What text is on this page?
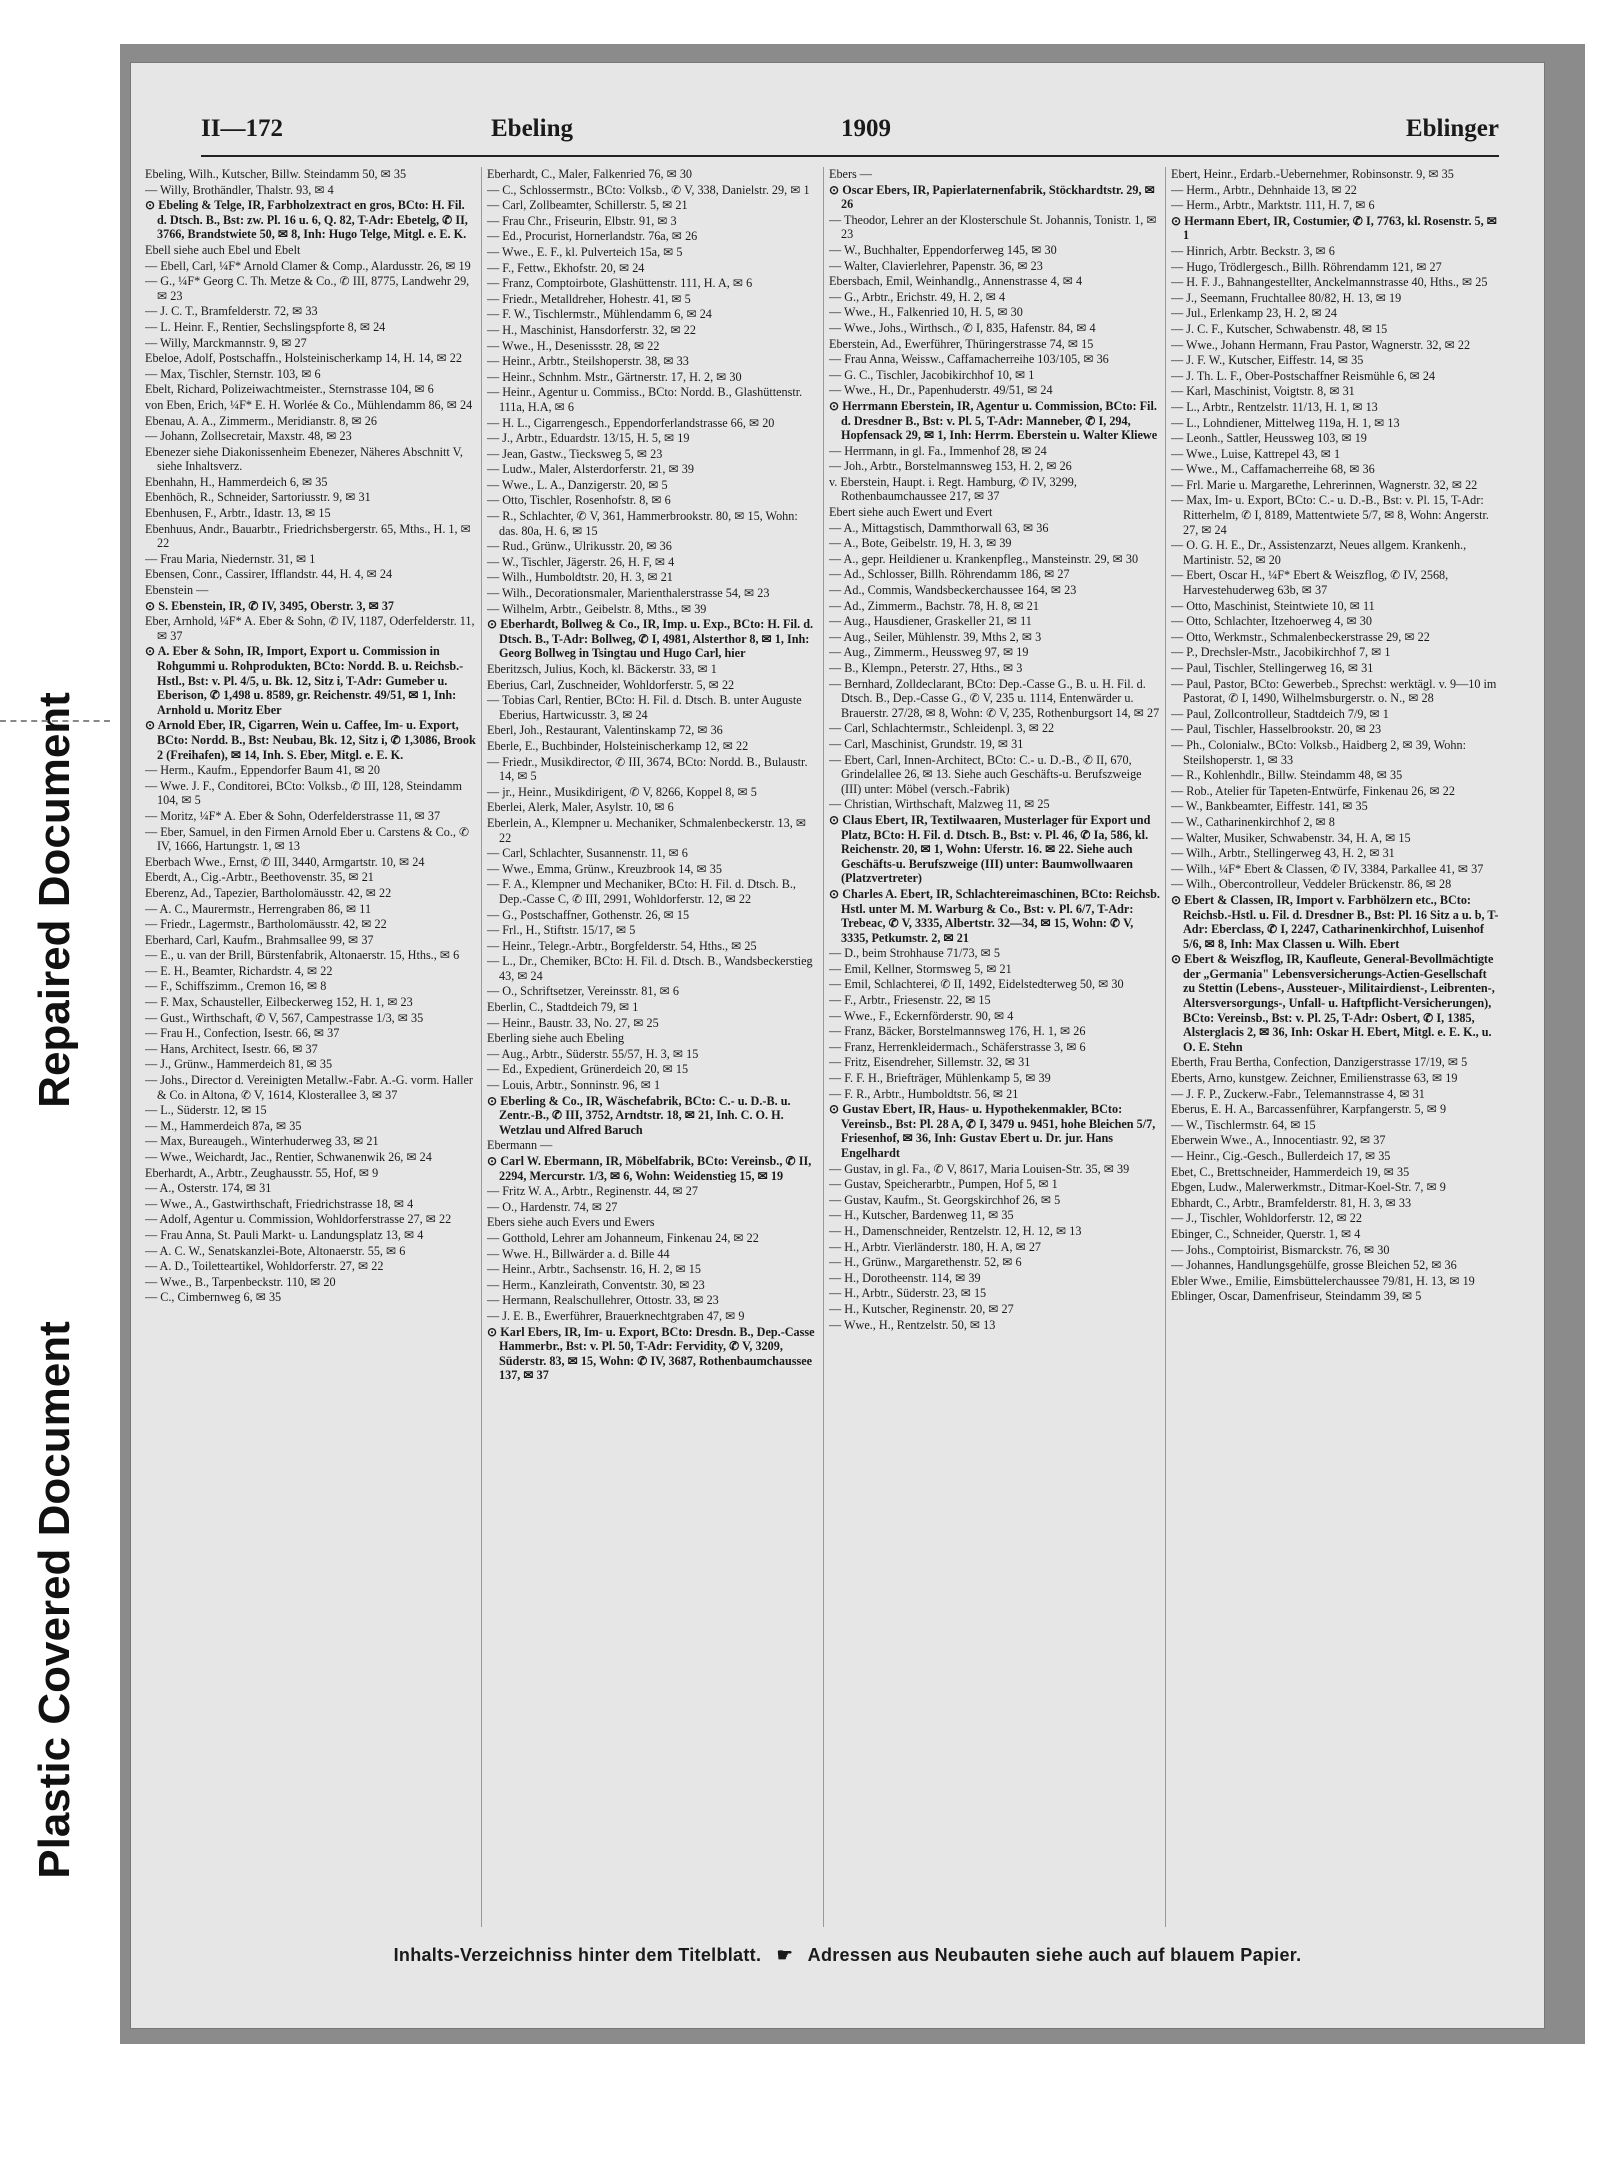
Repaired Document
Plastic Covered Document
II—172	Ebeling	1909	Eblinger
Ebeling, Wilh., Kutscher, Billw. Steindamm 50, ✉ 35
— Willy, Brothändler, Thalstr. 93, ✉ 4
⊙ Ebeling & Telge, IR, Farbholzextract en gros, BCto: H. Fil. d. Dtsch. B., Bst: zw. Pl. 16 u. 6, Q. 82, T-Adr: Ebetelg, ✆ II, 3766, Brandstwiete 50, ✉ 8, Inh: Hugo Telge, Mitgl. e. E. K.
Ebell siehe auch Ebel und Ebelt
— Ebell, Carl, ¼F* Arnold Clamer & Comp., Alardusstr. 26, ✉ 19
— G., ¼F* Georg C. Th. Metze & Co., ✆ III, 8775, Landwehr 29, ✉ 23
— J. C. T., Bramfelderstr. 72, ✉ 33
— L. Heinr. F., Rentier, Sechslingspforte 8, ✉ 24
— Willy, Marckmannstr. 9, ✉ 27
Ebeloe, Adolf, Postschaffn., Holsteinischerkamp 14, H. 14, ✉ 22
— Max, Tischler, Sternstr. 103, ✉ 6
Ebelt, Richard, Polizeiwachtmeister., Sternstrasse 104, ✉ 6
von Eben, Erich, ¼F* E. H. Worlée & Co., Mühlendamm 86, ✉ 24
Ebenau, A. A., Zimmerm., Meridianstr. 8, ✉ 26
— Johann, Zollsecretair, Maxstr. 48, ✉ 23
Ebenezer siehe Diakonissenheim Ebenezer, Näheres Abschnitt V, siehe Inhaltsverz.
Ebenhahn, H., Hammerdeich 6, ✉ 35
Ebenhöch, R., Schneider, Sartoriusstr. 9, ✉ 31
Ebenhusen, F., Arbtr., Idastr. 13, ✉ 15
Ebenhuus, Andr., Bauarbtr., Friedrichsbergerstr. 65, Mths., H. 1, ✉ 22
— Frau Maria, Niedernstr. 31, ✉ 1
Ebensen, Conr., Cassirer, Ifflandstr. 44, H. 4, ✉ 24
Ebenstein —
⊙ S. Ebenstein, IR, ✆ IV, 3495, Oberstr. 3, ✉ 37
Eber, Arnhold, ¼F* A. Eber & Sohn, ✆ IV, 1187, Oderfelderstr. 11, ✉ 37
⊙ A. Eber & Sohn, IR, Import, Export u. Commission in Rohgummi u. Rohprodukten, BCto: Nordd. B. u. Reichsb.-Hstl., Bst: v. Pl. 4/5, u. Bk. 12, Sitz i, T-Adr: Gumeber u. Eberison, ✆ 1,498 u. 8589, gr. Reichenstr. 49/51, ✉ 1, Inh: Arnhold u. Moritz Eber
⊙ Arnold Eber, IR, Cigarren, Wein u. Caffee, Im- u. Export, BCto: Nordd. B., Bst: Neubau, Bk. 12, Sitz i, ✆ 1,3086, Brook 2 (Freihafen), ✉ 14, Inh. S. Eber, Mitgl. e. E. K.
— Herm., Kaufm., Eppendorfer Baum 41, ✉ 20
— Wwe. J. F., Conditorei, BCto: Volksb., ✆ III, 128, Steindamm 104, ✉ 5
— Moritz, ¼F* A. Eber & Sohn, Oderfelderstrasse 11, ✉ 37
— Eber, Samuel, in den Firmen Arnold Eber u. Carstens & Co., ✆ IV, 1666, Hartungstr. 1, ✉ 13
Eberbach Wwe., Ernst, ✆ III, 3440, Armgartstr. 10, ✉ 24
Eberdt, A., Cig.-Arbtr., Beethovenstr. 35, ✉ 21
Eberenz, Ad., Tapezier, Bartholomäusstr. 42, ✉ 22
— A. C., Maurermstr., Herrengraben 86, ✉ 11
— Friedr., Lagermstr., Bartholomäusstr. 42, ✉ 22
Eberhard, Carl, Kaufm., Brahmsallee 99, ✉ 37
— E., u. van der Brill, Bürstenfabrik, Altonaerstr. 15, Hths., ✉ 6
— E. H., Beamter, Richardstr. 4, ✉ 22
— F., Schiffszimm., Cremon 16, ✉ 8
— F. Max, Schausteller, Eilbeckerweg 152, H. 1, ✉ 23
— Gust., Wirthschaft, ✆ V, 567, Campestrasse 1/3, ✉ 35
— Frau H., Confection, Isestr. 66, ✉ 37
— Hans, Architect, Isestr. 66, ✉ 37
— J., Grünw., Hammerdeich 81, ✉ 35
— Johs., Director d. Vereinigten Metallw.-Fabr. A.-G. vorm. Haller & Co. in Altona, ✆ V, 1614, Klosterallee 3, ✉ 37
— L., Süderstr. 12, ✉ 15
— M., Hammerdeich 87a, ✉ 35
— Max, Bureaugeh., Winterhuderweg 33, ✉ 21
— Wwe., Weichardt, Jac., Rentier, Schwanenwik 26, ✉ 24
Eberhardt, A., Arbtr., Zeughausstr. 55, Hof, ✉ 9
— A., Osterstr. 174, ✉ 31
— Wwe., A., Gastwirthschaft, Friedrichstrasse 18, ✉ 4
— Adolf, Agentur u. Commission, Wohldorferstrasse 27, ✉ 22
— Frau Anna, St. Pauli Markt- u. Landungsplatz 13, ✉ 4
— A. C. W., Senatskanzlei-Bote, Altonaerstr. 55, ✉ 6
— A. D., Toilettеartikel, Wohldorferstr. 27, ✉ 22
— Wwe., B., Tarpenbeckstr. 110, ✉ 20
— C., Cimbernweg 6, ✉ 35
Eberhardt, C., Maler, Falkenried 76, ✉ 30
— C., Schlossermstr., BCto: Volksb., ✆ V, 338, Danielstr. 29, ✉ 1
— Carl, Zollbeamter, Schillerstr. 5, ✉ 21
— Frau Chr., Friseurin, Elbstr. 91, ✉ 3
— Ed., Procurist, Hornerlandstr. 76a, ✉ 26
— Wwe., E. F., kl. Pulverteich 15a, ✉ 5
— F., Fettw., Ekhofstr. 20, ✉ 24
— Franz, Comptoirbote, Glashüttenstr. 111, H. A, ✉ 6
— Friedr., Metalldreher, Hohestr. 41, ✉ 5
— F. W., Tischlermstr., Mühlendamm 6, ✉ 24
— H., Maschinist, Hansdorferstr. 32, ✉ 22
— Wwe., H., Desenissstr. 28, ✉ 22
— Heinr., Arbtr., Steilshoperstr. 38, ✉ 33
— Heinr., Schnhm. Mstr., Gärtnerstr. 17, H. 2, ✉ 30
— Heinr., Agentur u. Commiss., BCto: Nordd. B., Glashüttenstr. 111a, H.A, ✉ 6
— H. L., Cigarrengesch., Eppendorferlandstrasse 66, ✉ 20
— J., Arbtr., Eduardstr. 13/15, H. 5, ✉ 19
— Jean, Gastw., Tiecksweg 5, ✉ 23
— Ludw., Maler, Alsterdorferstr. 21, ✉ 39
— Wwe., L. A., Danzigerstr. 20, ✉ 5
— Otto, Tischler, Rosenhofstr. 8, ✉ 6
— R., Schlachter, ✆ V, 361, Hammerbrookstr. 80, ✉ 15, Wohn: das. 80a, H. 6, ✉ 15
— Rud., Grünw., Ulrikusstr. 20, ✉ 36
— W., Tischler, Jägerstr. 26, H. F, ✉ 4
— Wilh., Humboldtstr. 20, H. 3, ✉ 21
— Wilh., Decorationsmaler, Marienthalerstrasse 54, ✉ 23
— Wilhelm, Arbtr., Geibelstr. 8, Mths., ✉ 39
⊙ Eberhardt, Bollweg & Co., IR, Imp. u. Exp., BCto: H. Fil. d. Dtsch. B., T-Adr: Bollweg, ✆ I, 4981, Alsterthor 8, ✉ 1, Inh: Georg Bollweg in Tsingtau und Hugo Carl, hier
Eberitzsch, Julius, Koch, kl. Bäckerstr. 33, ✉ 1
Eberius, Carl, Zuschneider, Wohldorferstr. 5, ✉ 22
— Tobias Carl, Rentier, BCto: H. Fil. d. Dtsch. B. unter Auguste Eberius, Hartwicusstr. 3, ✉ 24
Eberl, Joh., Restaurant, Valentinskamp 72, ✉ 36
Eberle, E., Buchbinder, Holsteinischerkamp 12, ✉ 22
— Friedr., Musikdirector, ✆ III, 3674, BCto: Nordd. B., Bulaustr. 14, ✉ 5
— jr., Heinr., Musikdirigent, ✆ V, 8266, Koppel 8, ✉ 5
Eberlei, Alerk, Maler, Asylstr. 10, ✉ 6
Eberlein, A., Klempner u. Mechaniker, Schmalenbeckerstr. 13, ✉ 22
— Carl, Schlachter, Susannenstr. 11, ✉ 6
— Wwe., Emma, Grünw., Kreuzbrook 14, ✉ 35
— F. A., Klempner und Mechaniker, BCto: H. Fil. d. Dtsch. B., Dep.-Casse C, ✆ III, 2991, Wohldorferstr. 12, ✉ 22
— G., Postschaffner, Gothenstr. 26, ✉ 15
— Frl., H., Stiftstr. 15/17, ✉ 5
— Heinr., Telegr.-Arbtr., Borgfelderstr. 54, Hths., ✉ 25
— L., Dr., Chemiker, BCto: H. Fil. d. Dtsch. B., Wandsbeckerstieg 43, ✉ 24
— O., Schriftsetzer, Vereinsstr. 81, ✉ 6
Eberlin, C., Stadtdeich 79, ✉ 1
— Heinr., Baustr. 33, No. 27, ✉ 25
Eberling siehe auch Ebeling
— Aug., Arbtr., Süderstr. 55/57, H. 3, ✉ 15
— Ed., Expedient, Grünerdeich 20, ✉ 15
— Louis, Arbtr., Sonninstr. 96, ✉ 1
⊙ Eberling & Co., IR, Wäschefabrik, BCto: C.- u. D.-B. u. Zentr.-B., ✆ III, 3752, Arndtstr. 18, ✉ 21, Inh. C. O. H. Wetzlau und Alfred Baruch
Ebermann —
⊙ Carl W. Ebermann, IR, Möbelfabrik, BCto: Vereinsb., ✆ II, 2294, Mercurstr. 1/3, ✉ 6, Wohn: Weidenstieg 15, ✉ 19
— Fritz W. A., Arbtr., Reginenstr. 44, ✉ 27
— O., Hardenstr. 74, ✉ 27
Ebers siehe auch Evers und Ewers
— Gotthold, Lehrer am Johanneum, Finkenau 24, ✉ 22
— Wwe. H., Billwärder a. d. Bille 44
— Heinr., Arbtr., Sachsenstr. 16, H. 2, ✉ 15
— Herm., Kanzleirath, Conventstr. 30, ✉ 23
— Hermann, Realschullehrer, Ottostr. 33, ✉ 23
— J. E. B., Ewerführer, Brauerknechtgraben 47, ✉ 9
⊙ Karl Ebers, IR, Im- u. Export, BCto: Dresdn. B., Dep.-Casse Hammerbr., Bst: v. Pl. 50, T-Adr: Fervidity, ✆ V, 3209, Süderstr. 83, ✉ 15, Wohn: ✆ IV, 3687, Rothenbaumchaussee 137, ✉ 37
Ebers —
⊙ Oscar Ebers, IR, Papierlaternenfabrik, Stöckhardtstr. 29, ✉ 26
— Theodor, Lehrer an der Klosterschule St. Johannis, Tonistr. 1, ✉ 23
— W., Buchhalter, Eppendorferweg 145, ✉ 30
— Walter, Clavierlehrer, Papenstr. 36, ✉ 23
Ebersbach, Emil, Weinhandlg., Annenstrasse 4, ✉ 4
— G., Arbtr., Erichstr. 49, H. 2, ✉ 4
— Wwe., H., Falkenried 10, H. 5, ✉ 30
— Wwe., Johs., Wirthsch., ✆ I, 835, Hafenstr. 84, ✉ 4
Eberstein, Ad., Ewerführer, Thüringerstrasse 74, ✉ 15
— Frau Anna, Weissw., Caffamacherreihe 103/105, ✉ 36
— G. C., Tischler, Jacobikirchhof 10, ✉ 1
— Wwe., H., Dr., Papenhuderstr. 49/51, ✉ 24
⊙ Herrmann Eberstein, IR, Agentur u. Commission, BCto: Fil. d. Dresdner B., Bst: v. Pl. 5, T-Adr: Manneber, ✆ I, 294, Hopfensack 29, ✉ 1, Inh: Herrm. Eberstein u. Walter Kliewe
— Herrmann, in gl. Fa., Immenhof 28, ✉ 24
— Joh., Arbtr., Borstelmannsweg 153, H. 2, ✉ 26
v. Eberstein, Haupt. i. Regt. Hamburg, ✆ IV, 3299, Rothenbaumchaussee 217, ✉ 37
Ebert siehe auch Ewert und Evert
— A., Mittagstisch, Dammthorwall 63, ✉ 36
— A., Bote, Geibelstr. 19, H. 3, ✉ 39
— A., gepr. Heildiener u. Krankenpfleg., Mansteinstr. 29, ✉ 30
— Ad., Schlosser, Billh. Röhrendamm 186, ✉ 27
— Ad., Commis, Wandsbeckerchaussee 164, ✉ 23
— Ad., Zimmerm., Bachstr. 78, H. 8, ✉ 21
— Aug., Hausdiener, Graskeller 21, ✉ 11
— Aug., Seiler, Mühlenstr. 39, Mths 2, ✉ 3
— Aug., Zimmerm., Heussweg 97, ✉ 19
— B., Klempn., Peterstr. 27, Hths., ✉ 3
— Bernhard, Zolldeclarant, BCto: Dep.-Casse G., B. u. H. Fil. d. Dtsch. B., Dep.-Casse G., ✆ V, 235 u. 1114, Entenwärder u. Brauerstr. 27/28, ✉ 8, Wohn: ✆ V, 235, Rothenburgsort 14, ✉ 27
— Carl, Schlachtermstr., Schleidenpl. 3, ✉ 22
— Carl, Maschinist, Grundstr. 19, ✉ 31
— Ebert, Carl, Innen-Architect, BCto: C.- u. D.-B., ✆ II, 670, Grindelallee 26, ✉ 13. Siehe auch Geschäfts-u. Berufszweige (III) unter: Möbel (versch.-Fabrik)
— Christian, Wirthschaft, Malzweg 11, ✉ 25
⊙ Claus Ebert, IR, Textilwaaren, Musterlager für Export und Platz, BCto: H. Fil. d. Dtsch. B., Bst: v. Pl. 46, ✆ Ia, 586, kl. Reichenstr. 20, ✉ 1, Wohn: Uferstr. 16. ✉ 22. Siehe auch Geschäfts-u. Berufszweige (III) unter: Baumwollwaaren (Platzvertreter)
⊙ Charles A. Ebert, IR, Schlachtereimaschinen, BCto: Reichsb. Hstl. unter M. M. Warburg & Co., Bst: v. Pl. 6/7, T-Adr: Trebeac, ✆ V, 3335, Albertstr. 32—34, ✉ 15, Wohn: ✆ V, 3335, Petkumstr. 2, ✉ 21
— D., beim Strohhause 71/73, ✉ 5
— Emil, Kellner, Stormsweg 5, ✉ 21
— Emil, Schlachterei, ✆ II, 1492, Eidelstedterweg 50, ✉ 30
— F., Arbtr., Friesenstr. 22, ✉ 15
— Wwe., F., Eckernförderstr. 90, ✉ 4
— Franz, Bäcker, Borstelmannsweg 176, H. 1, ✉ 26
— Franz, Herrenkleidermach., Schäferstrasse 3, ✉ 6
— Fritz, Eisendreher, Sillemstr. 32, ✉ 31
— F. F. H., Briefträger, Mühlenkamp 5, ✉ 39
— F. R., Arbtr., Humboldtstr. 56, ✉ 21
⊙ Gustav Ebert, IR, Haus- u. Hypothekenmakler, BCto: Vereinsb., Bst: Pl. 28 A, ✆ I, 3479 u. 9451, hohe Bleichen 5/7, Friesenhof, ✉ 36, Inh: Gustav Ebert u. Dr. jur. Hans Engelhardt
— Gustav, in gl. Fa., ✆ V, 8617, Maria Louisen-Str. 35, ✉ 39
— Gustav, Speicherarbtr., Pumpen, Hof 5, ✉ 1
— Gustav, Kaufm., St. Georgskirchhof 26, ✉ 5
— H., Kutscher, Bardenweg 11, ✉ 35
— H., Damenschneider, Rentzelstr. 12, H. 12, ✉ 13
— H., Arbtr. Vierländerstr. 180, H. A, ✉ 27
— H., Grünw., Margarethenstr. 52, ✉ 6
— H., Dorotheenstr. 114, ✉ 39
— H., Arbtr., Süderstr. 23, ✉ 15
— H., Kutscher, Reginenstr. 20, ✉ 27
— Wwe., H., Rentzelstr. 50, ✉ 13
Ebert, Heinr., Erdarb.-Uebernehmer, Robinsonstr. 9, ✉ 35
— Herm., Arbtr., Dehnhaide 13, ✉ 22
— Herm., Arbtr., Marktstr. 111, H. 7, ✉ 6
⊙ Hermann Ebert, IR, Costumier, ✆ I, 7763, kl. Rosenstr. 5, ✉ 1
— Hinrich, Arbtr. Beckstr. 3, ✉ 6
— Hugo, Trödlergesch., Billh. Röhrendamm 121, ✉ 27
— H. F. J., Bahnangestellter, Anckelmannstrasse 40, Hths., ✉ 25
— J., Seemann, Fruchtallee 80/82, H. 13, ✉ 19
— Jul., Erlenkamp 23, H. 2, ✉ 24
— J. C. F., Kutscher, Schwabenstr. 48, ✉ 15
— Wwe., Johann Hermann, Frau Pastor, Wagnerstr. 32, ✉ 22
— J. F. W., Kutscher, Eiffestr. 14, ✉ 35
— J. Th. L. F., Ober-Postschaffner Reismühle 6, ✉ 24
— Karl, Maschinist, Voigtstr. 8, ✉ 31
— L., Arbtr., Rentzelstr. 11/13, H. 1, ✉ 13
— L., Lohndiener, Mittelweg 119a, H. 1, ✉ 13
— Leonh., Sattler, Heussweg 103, ✉ 19
— Wwe., Luise, Kattrepel 43, ✉ 1
— Wwe., M., Caffamacherreihe 68, ✉ 36
— Frl. Marie u. Margarethe, Lehrerinnen, Wagnerstr. 32, ✉ 22
— Max, Im- u. Export, BCto: C.- u. D.-B., Bst: v. Pl. 15, T-Adr: Ritterhelm, ✆ I, 8189, Mattentwiete 5/7, ✉ 8, Wohn: Angerstr. 27, ✉ 24
— O. G. H. E., Dr., Assistenzarzt, Neues allgem. Krankenh., Martinistr. 52, ✉ 20
— Ebert, Oscar H., ¼F* Ebert & Weiszflog, ✆ IV, 2568, Harvestehuderweg 63b, ✉ 37
— Otto, Maschinist, Steintwiete 10, ✉ 11
— Otto, Schlachter, Itzehoerweg 4, ✉ 30
— Otto, Werkmstr., Schmalenbeckerstrasse 29, ✉ 22
— P., Drechsler-Mstr., Jacobikirchhof 7, ✉ 1
— Paul, Tischler, Stellingerweg 16, ✉ 31
— Paul, Pastor, BCto: Gewerbeb., Sprechst: werktägl. v. 9—10 im Pastorat, ✆ I, 1490, Wilhelmsburgerstr. o. N., ✉ 28
— Paul, Zollcontrolleur, Stadtdeich 7/9, ✉ 1
— Paul, Tischler, Hasselbrookstr. 20, ✉ 23
— Ph., Colonialw., BCto: Volksb., Haidberg 2, ✉ 39, Wohn: Steilshoperstr. 1, ✉ 33
— R., Kohlenhdlr., Billw. Steindamm 48, ✉ 35
— Rob., Atelier für Tapeten-Entwürfe, Finkenau 26, ✉ 22
— W., Bankbeamter, Eiffestr. 141, ✉ 35
— W., Catharinenkirchhof 2, ✉ 8
— Walter, Musiker, Schwabenstr. 34, H. A, ✉ 15
— Wilh., Arbtr., Stellingerweg 43, H. 2, ✉ 31
— Wilh., ¼F* Ebert & Classen, ✆ IV, 3384, Parkallee 41, ✉ 37
— Wilh., Obercontrolleur, Veddeler Brückenstr. 86, ✉ 28
⊙ Ebert & Classen, IR, Import v. Farbhölzern etc., BCto: Reichsb.-Hstl. u. Fil. d. Dresdner B., Bst: Pl. 16 Sitz a u. b, T-Adr: Eberclass, ✆ I, 2247, Catharinenkirchhof, Luisenhof 5/6, ✉ 8, Inh: Max Classen u. Wilh. Ebert
⊙ Ebert & Weiszflog, IR, Kaufleute, General-Bevollmächtigte der „Germania" Lebensversicherungs-Actien-Gesellschaft zu Stettin (Lebens-, Aussteuer-, Militairdienst-, Leibrenten-, Altersversorgungs-, Unfall- u. Haftpflicht-Versicherungen), BCto: Vereinsb., Bst: v. Pl. 25, T-Adr: Osbert, ✆ I, 1385, Alsterglacis 2, ✉ 36, Inh: Oskar H. Ebert, Mitgl. e. E. K., u. O. E. Stehn
Eberth, Frau Bertha, Confection, Danzigerstrasse 17/19, ✉ 5
Eberts, Arno, kunstgew. Zeichner, Emilienstrasse 63, ✉ 19
— J. F. P., Zuckerw.-Fabr., Telemannstrasse 4, ✉ 31
Eberus, E. H. A., Barcassenführer, Karpfangerstr. 5, ✉ 9
— W., Tischlermstr. 64, ✉ 15
Eberwein Wwe., A., Innocentiastr. 92, ✉ 37
— Heinr., Cig.-Gesch., Bullerdeich 17, ✉ 35
Ebet, C., Brettschneider, Hammerdeich 19, ✉ 35
Ebgen, Ludw., Malerwerkmstr., Ditmar-Koel-Str. 7, ✉ 9
Ebhardt, C., Arbtr., Bramfelderstr. 81, H. 3, ✉ 33
— J., Tischler, Wohldorferstr. 12, ✉ 22
Ebinger, C., Schneider, Querstr. 1, ✉ 4
— Johs., Comptoirist, Bismarckstr. 76, ✉ 30
— Johannes, Handlungsgehülfe, grosse Bleichen 52, ✉ 36
Ebler Wwe., Emilie, Eimsbüttelerchaussee 79/81, H. 13, ✉ 19
Eblinger, Oscar, Damenfriseur, Steindamm 39, ✉ 5
Inhalts-Verzeichniss hinter dem Titelblatt. ☛ Adressen aus Neubauten siehe auch auf blauem Papier.
